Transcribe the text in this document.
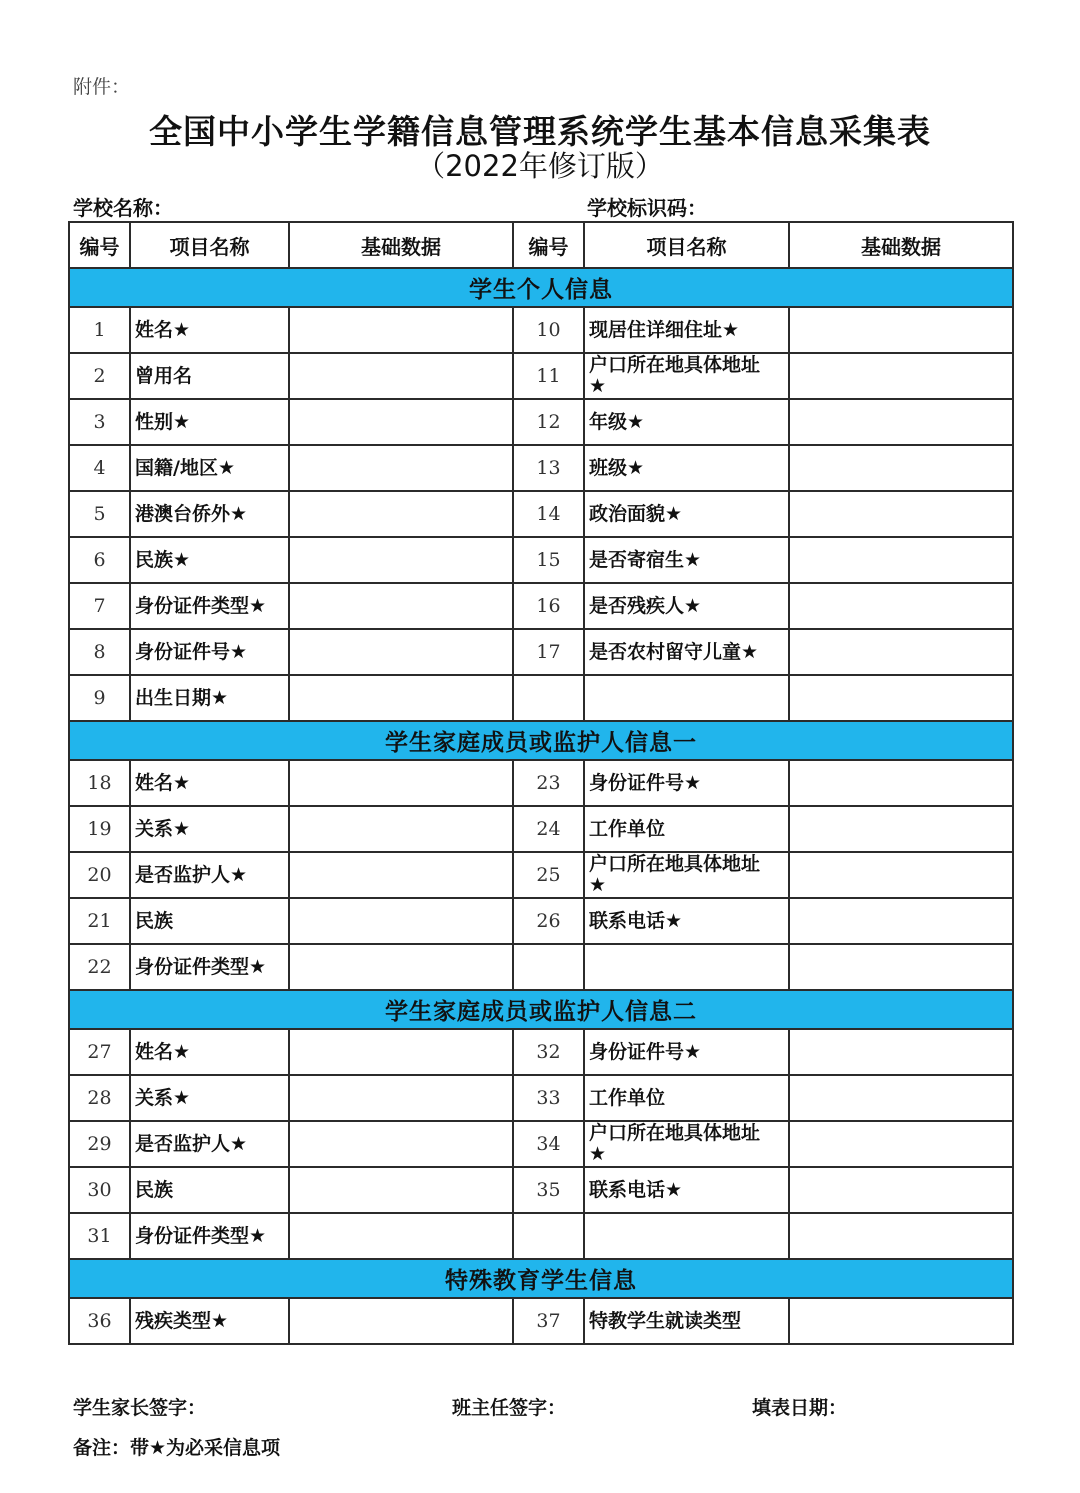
附件：
全国中小学生学籍信息管理系统学生基本信息采集表
（2022年修订版）
学校名称：	学校标识码：
编号	项目名称	基础数据	编号	项目名称	基础数据
学生个人信息					
1	姓名★		10	现居住详细住址★	

2	曾用名		11	户口所在地具体地址★	

3	性别★		12	年级★	

4	国籍/地区★		13	班级★	

5	港澳台侨外★		14	政治面貌★	

6	民族★		15	是否寄宿生★	

7	身份证件类型★		16	是否残疾人★	

8	身份证件号★		17	是否农村留守儿童★	

9	出生日期★				

学生家庭成员或监护人信息一					
18	姓名★		23	身份证件号★	

19	关系★		24	工作单位	

20	是否监护人★		25	户口所在地具体地址★	

21	民族		26	联系电话★	

22	身份证件类型★				

学生家庭成员或监护人信息二					
27	姓名★		32	身份证件号★	

28	关系★		33	工作单位	

29	是否监护人★		34	户口所在地具体地址★	

30	民族		35	联系电话★	

31	身份证件类型★				

特殊教育学生信息					
36	残疾类型★		37	特教学生就读类型	

学生家长签字：	班主任签字：	填表日期：
备注：带★为必采信息项
